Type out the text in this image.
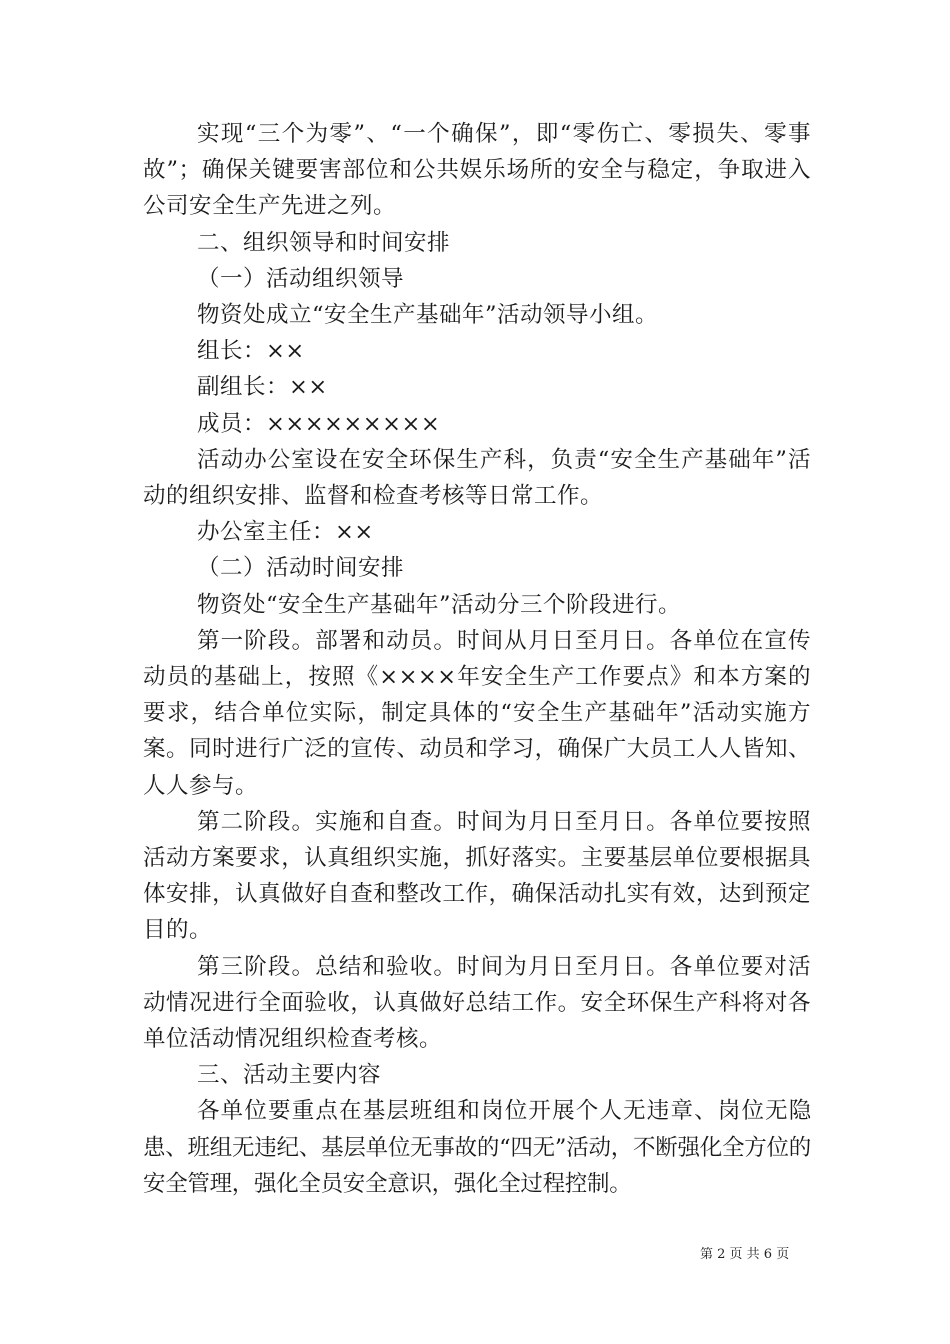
实现“三个为零”、“一个确保”，即“零伤亡、零损失、零事故”；确保关键要害部位和公共娱乐场所的安全与稳定，争取进入公司安全生产先进之列。

二、组织领导和时间安排

（一）活动组织领导

物资处成立“安全生产基础年”活动领导小组。

组长：××

副组长：××

成员：×××××××××

活动办公室设在安全环保生产科，负责“安全生产基础年”活动的组织安排、监督和检查考核等日常工作。

办公室主任：××

（二）活动时间安排

物资处“安全生产基础年”活动分三个阶段进行。

第一阶段。部署和动员。时间从月日至月日。各单位在宣传动员的基础上，按照《××××年安全生产工作要点》和本方案的要求，结合单位实际，制定具体的“安全生产基础年”活动实施方案。同时进行广泛的宣传、动员和学习，确保广大员工人人皆知、人人参与。

第二阶段。实施和自查。时间为月日至月日。各单位要按照活动方案要求，认真组织实施，抓好落实。主要基层单位要根据具体安排，认真做好自查和整改工作，确保活动扎实有效，达到预定目的。

第三阶段。总结和验收。时间为月日至月日。各单位要对活动情况进行全面验收，认真做好总结工作。安全环保生产科将对各单位活动情况组织检查考核。

三、活动主要内容

各单位要重点在基层班组和岗位开展个人无违章、岗位无隐患、班组无违纪、基层单位无事故的“四无”活动，不断强化全方位的安全管理，强化全员安全意识，强化全过程控制。

第 2 页 共 6 页
